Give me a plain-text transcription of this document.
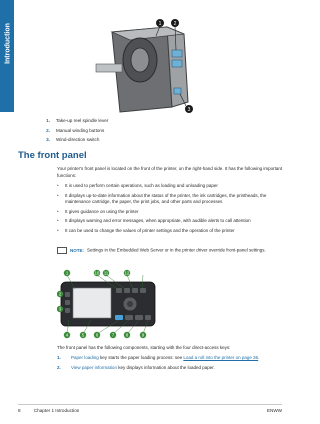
Introduction	1 2
3
1. Take-up reel spindle lever
2. Manual winding buttons
3. Wind-direction switch
The front panel
Your printer's front panel is located on the front of the printer, on the right-hand side. It has the following important functions:
•	It is used to perform certain operations, such as loading and unloading paper
•	It displays up-to-date information about the status of the printer, the ink cartridges, the printheads, the maintenance cartridge, the paper, the print jobs, and other parts and processes
•	It gives guidance on using the printer
•	It displays warning and error messages, when appropriate, with audible alerts to call attention
•	It can be used to change the values of printer settings and the operation of the printer
NOTE: Settings in the Embedded Web Server or in the printer driver override front-panel settings.
1
2
3
4	5	6	7	8	9
10 11	12
The front panel has the following components, starting with the four direct-access keys:
1.	Paper loading key starts the paper loading process: see Load a roll into the printer on page 36.
2.	View paper information key displays information about the loaded paper.
8	Chapter 1 Introduction	ENWW
